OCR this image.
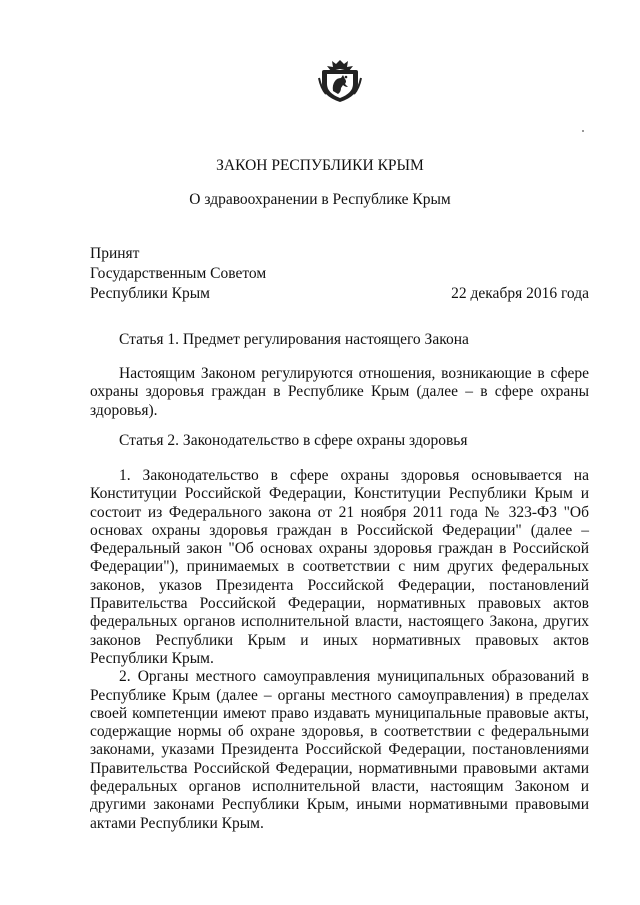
ЗАКОН РЕСПУБЛИКИ КРЫМ
О здравоохранении в Республике Крым
Принят
Государственным Советом
Республики Крым	22 декабря 2016 года
Статья 1. Предмет регулирования настоящего Закона

Настоящим Законом регулируются отношения, возникающие в сфере охраны здоровья граждан в Республике Крым (далее – в сфере охраны здоровья).

Статья 2. Законодательство в сфере охраны здоровья

1. Законодательство в сфере охраны здоровья основывается на Конституции Российской Федерации, Конституции Республики Крым и состоит из Федерального закона от 21 ноября 2011 года № 323-ФЗ "Об основах охраны здоровья граждан в Российской Федерации" (далее – Федеральный закон "Об основах охраны здоровья граждан в Российской Федерации"), принимаемых в соответствии с ним других федеральных законов, указов Президента Российской Федерации, постановлений Правительства Российской Федерации, нормативных правовых актов федеральных органов исполнительной власти, настоящего Закона, других законов Республики Крым и иных нормативных правовых актов Республики Крым.

2. Органы местного самоуправления муниципальных образований в Республике Крым (далее – органы местного самоуправления) в пределах своей компетенции имеют право издавать муниципальные правовые акты, содержащие нормы об охране здоровья, в соответствии с федеральными законами, указами Президента Российской Федерации, постановлениями Правительства Российской Федерации, нормативными правовыми актами федеральных органов исполнительной власти, настоящим Законом и другими законами Республики Крым, иными нормативными правовыми актами Республики Крым.
